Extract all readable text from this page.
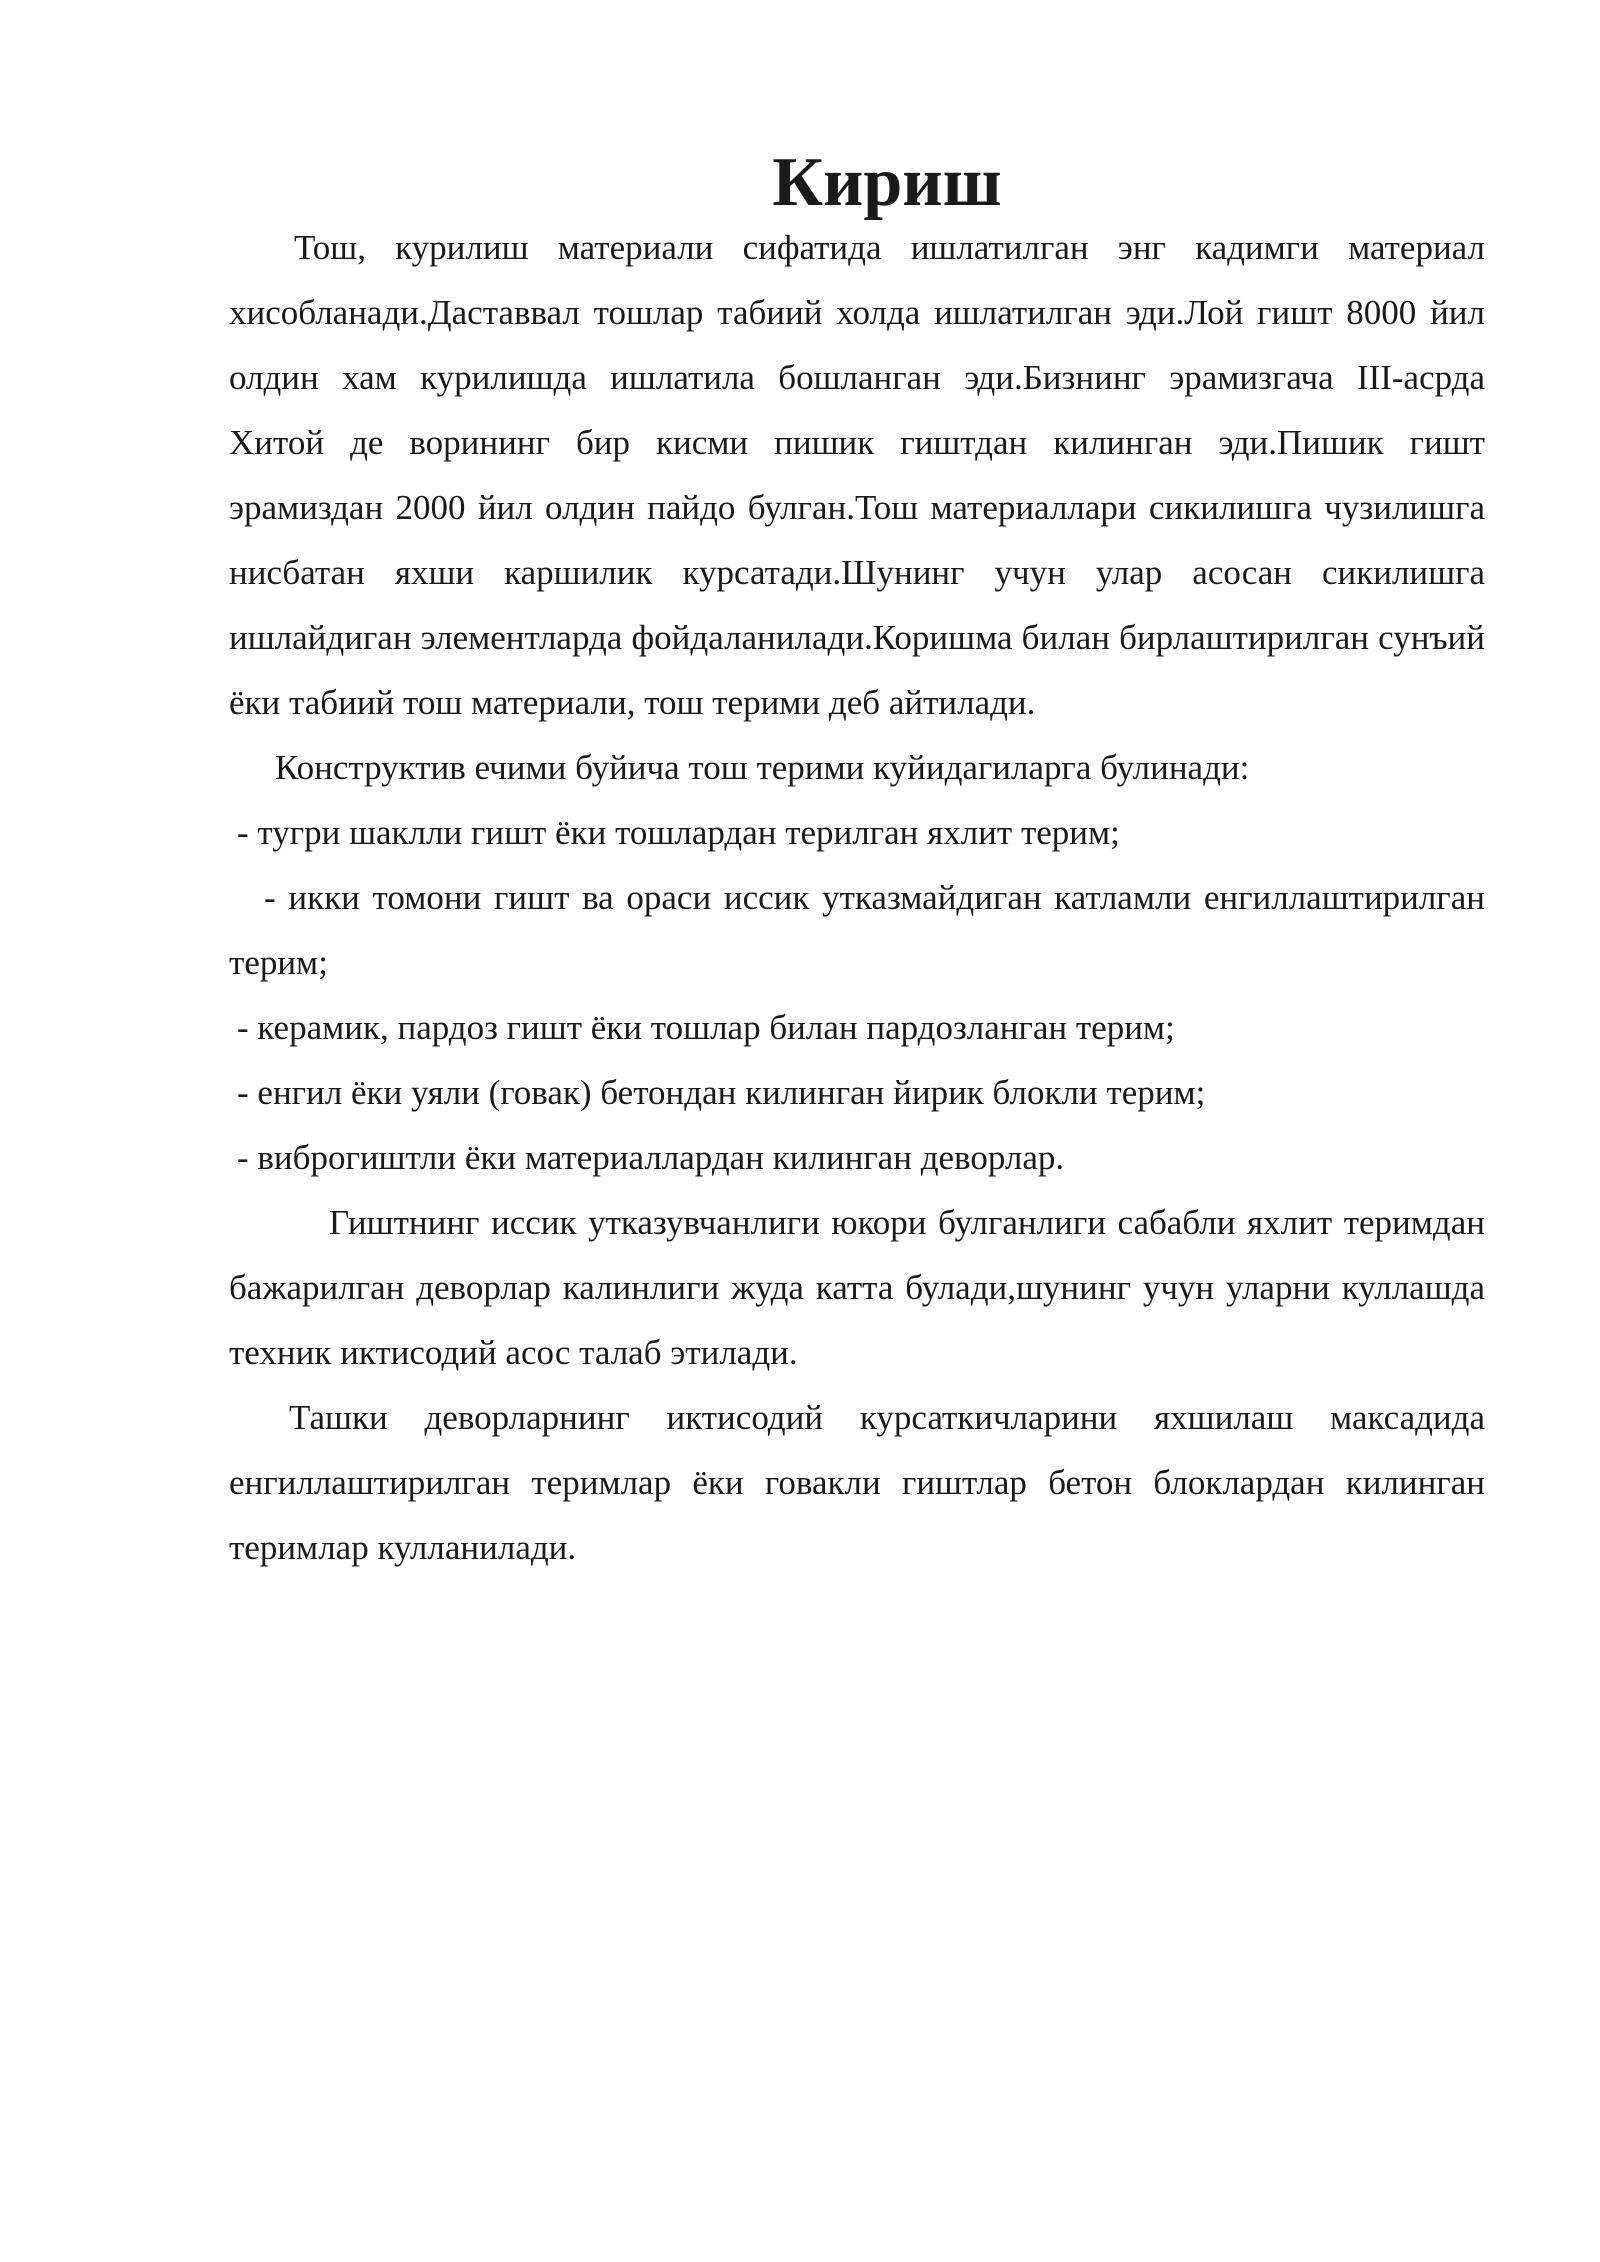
Кириш

Тош, курилиш материали сифатида ишлатилган энг кадимги материал хисобланади.Даставвал тошлар табиий холда ишлатилган эди.Лой гишт 8000 йил олдин хам курилишда ишлатила бошланган эди.Бизнинг эрамизгача III-асрда Хитой де ворининг бир кисми пишик гиштдан килинган эди.Пишик гишт эрамиздан 2000 йил олдин пайдо булган.Тош материаллари сикилишга чузилишга нисбатан яхши каршилик курсатади.Шунинг учун улар асосан сикилишга ишлайдиган элементларда фойдаланилади.Коришма билан бирлаштирилган сунъий ёки табиий тош материали, тош терими деб айтилади.

Конструктив ечими буйича тош терими куйидагиларга булинади:

- тугри шаклли гишт ёки тошлардан терилган яхлит терим;

- икки томони гишт ва ораси иссик утказмайдиган катламли енгиллаштирилган терим;

- керамик, пардоз гишт ёки тошлар билан пардозланган терим;

- енгил ёки уяли (говак) бетондан килинган йирик блокли терим;

- виброгиштли ёки материаллардан килинган деворлар.

Гиштнинг иссик утказувчанлиги юкори булганлиги сабабли яхлит теримдан бажарилган деворлар калинлиги жуда катта булади,шунинг учун уларни куллашда техник иктисодий асос талаб этилади.

Ташки деворларнинг иктисодий курсаткичларини яхшилаш максадида енгиллаштирилган теримлар ёки говакли гиштлар бетон блоклардан килинган теримлар кулланилади.
